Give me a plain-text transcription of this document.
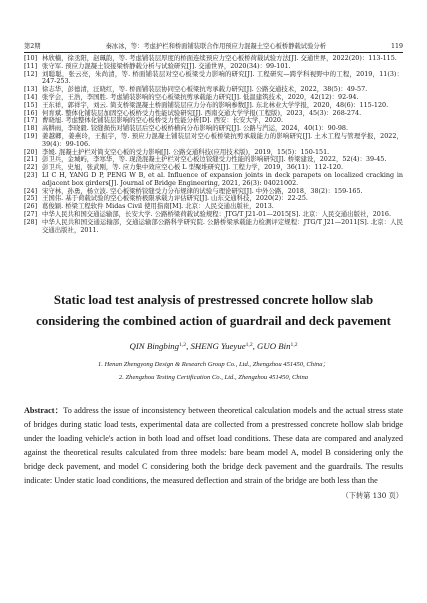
第2期	秦冰冰，等：考虑护栏和桥面铺装联合作用预应力混凝土空心板桥静载试验分析	119
[10] 林欣楠，徐丞阳，赵珮韵，等. 考虑铺装层厚度的桥面连续预应力空心板桥荷载试验方法[J]. 交通世界，2022(20)：113-115.
[11] 张守军. 预应力混凝土铰接梁桥静载分析与试验研究[J]. 交通世界，2020(34)：99-101.
[12] 刘聪聪，张云亮，朱尚清，等. 桥面铺装层对空心板梁受力影响的研究[J]. 工程研究—跨学科视野中的工程，2019，11(3)：247-253.
[13] 徐志华，彭德清，汪晓红，等. 桥面铺装层协同空心板梁抗弯承载力研究[J]. 公路交通技术，2022，38(5)：49-57.
[14] 张学会，王浩，李国胜. 考虑铺装影响的空心板梁抗剪承载能力研究[J]. 低温建筑技术，2020，42(12)：92-94.
[15] 王东祥，郭祥宇，刘云. 简支桥梁混凝土桥面铺装层应力分布的影响参数[J]. 东北林业大学学报，2020，48(6)：115-120.
[16] 何育斌. 整体化铺装层加固空心板桥受力性能试验研究[J]. 西南交通大学学报(工程版)，2023，45(3)：268-274.
[17] 曹晓旭. 考虑整体化铺装层影响的空心板桥受力性能分析[D]. 西安：长安大学，2020.
[18] 高耕雨，李晓毅. 铰缝损伤对铺装层后空心板桥横向分布影响的研究[J]. 公路与汽运，2024，40(1)：90-98.
[19] 姜越卿，姜燕玲，王振宇，等. 预应力混凝土铺装层对空心板桥梁抗剪承载能力的影响研究[J]. 土木工程与管理学报，2022，39(4)：99-106.
[20] 李媛. 混凝土护栏对简支空心板的受力影响[J]. 公路交通科技(应用技术版)，2019，15(5)：150-151.
[21] 彭卫兵，金城屿，李寒华，等. 现浇混凝土护栏对空心板边铰缝受力性能的影响研究[J]. 桥梁建设，2022，52(4)：39-45.
[22] 彭卫兵，史旭，张武刚，等. 应力集中效应空心板 L 型聚堆研究[J]. 工程力学，2019，36(11)：112-120.
[23] LI C H, YANG D P, PENG W B, et al. Influence of expansion joints in deck parapets on localized cracking in adjacent box girders[J]. Journal of Bridge Engineering, 2021, 26(3): 04021002.
[24] 宋守林，孙勇，杨立波. 空心板梁桥铰缝受力分布规律的试验与理论研究[J]. 中外公路，2018，38(2)：159-165.
[25] 王国伟. 基于荷载试验的空心板梁桥极限承载力评估研究[J]. 山东交通科技，2020(2)：22-25.
[26] 葛俊颖. 桥梁工程软件 Midas Civil 使用指南[M]. 北京：人民交通出版社，2013.
[27] 中华人民共和国交通运输部，长安大学. 公路桥梁荷载试验规程：JTG/T J21-01—2015[S]. 北京：人民交通出版社，2016.
[28] 中华人民共和国交通运输部，交通运输部公路科学研究院. 公路桥梁承载能力检测评定规程：JTG/T J21—2011[S]. 北京：人民交通出版社，2011.
Static load test analysis of prestressed concrete hollow slab considering the combined action of guardrail and deck pavement
QIN Bingbing$^{1,2}$, SHENG Yueyue$^{1,2}$, GUO Bin$^{1,2}$
1. Henan Zhengyong Design & Research Group Co., Ltd., Zhengzhou 451450, China；
2. Zhengzhou Testing Certification Co., Ltd., Zhengzhou 451450, China
Abstract：To address the issue of inconsistency between theoretical calculation models and the actual stress state of bridges during static load tests, experimental data are collected from a prestressed concrete hollow slab bridge under the loading vehicle's action in both load and offset load conditions. These data are compared and analyzed against the theoretical results calculated from three models: bare beam model A, model B considering only the bridge deck pavement, and model C considering both the bridge deck pavement and the guardrails. The results indicate: Under static load conditions, the measured deflection and strain of the bridge are both less than the
（下转第 130 页）
